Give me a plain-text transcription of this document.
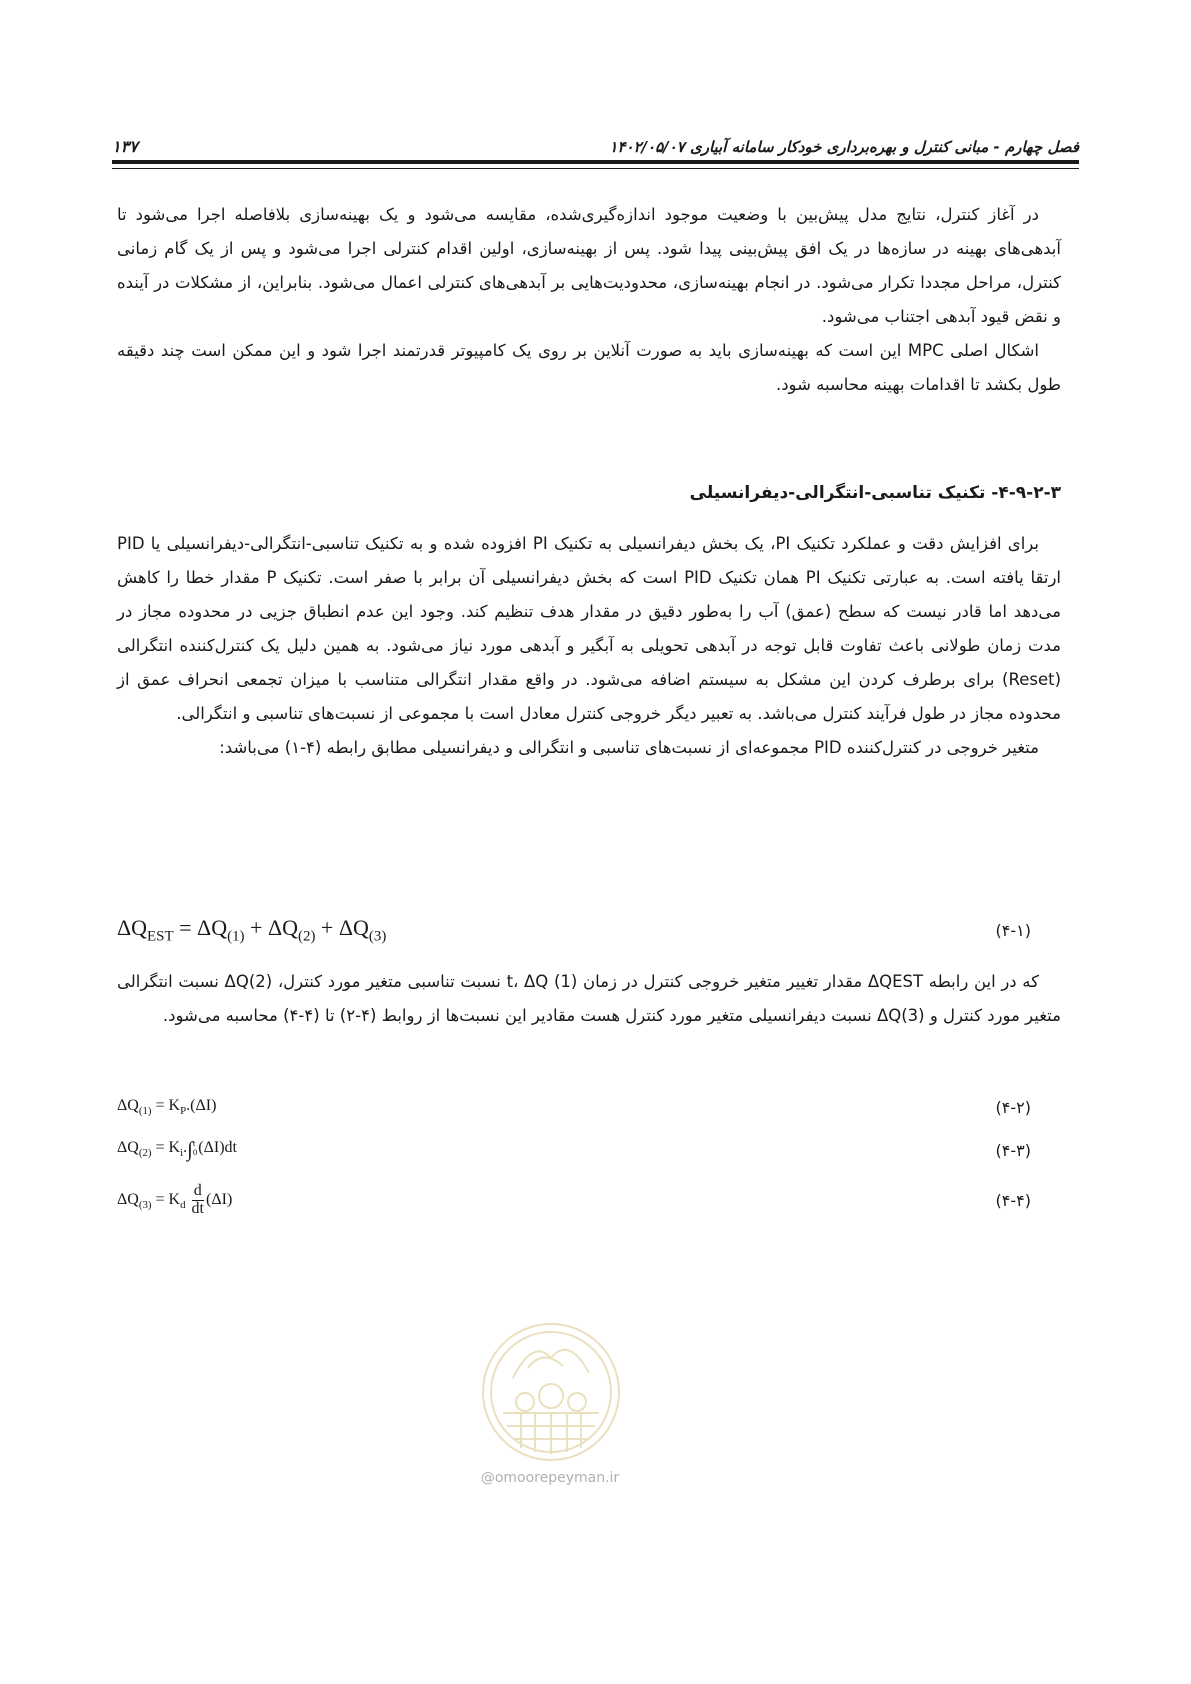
فصل چهارم - مبانی کنترل و بهره‌برداری خودکار سامانه آبیاری ۱۴۰۲/۰۵/۰۷
۱۳۷

در آغاز کنترل، نتایج مدل پیش‌بین با وضعیت موجود اندازه‌گیری‌شده، مقایسه می‌شود و یک بهینه‌سازی بلافاصله اجرا می‌شود تا آبدهی‌های بهینه در سازه‌ها در یک افق پیش‌بینی پیدا شود. پس از بهینه‌سازی، اولین اقدام کنترلی اجرا می‌شود و پس از یک گام زمانی کنترل، مراحل مجددا تکرار می‌شود. در انجام بهینه‌سازی، محدودیت‌هایی بر آبدهی‌های کنترلی اعمال می‌شود. بنابراین، از مشکلات در آینده و نقض قیود آبدهی اجتناب می‌شود.

اشکال اصلی MPC این است که بهینه‌سازی باید به صورت آنلاین بر روی یک کامپیوتر قدرتمند اجرا شود و این ممکن است چند دقیقه طول بکشد تا اقدامات بهینه محاسبه شود.

۴-۹-۲-۳- تکنیک تناسبی-انتگرالی-دیفرانسیلی

برای افزایش دقت و عملکرد تکنیک PI، یک بخش دیفرانسیلی به تکنیک PI افزوده شده و به تکنیک تناسبی-انتگرالی-دیفرانسیلی یا PID ارتقا یافته است. به عبارتی تکنیک PI همان تکنیک PID است که بخش دیفرانسیلی آن برابر با صفر است. تکنیک P مقدار خطا را کاهش می‌دهد اما قادر نیست که سطح (عمق) آب را به‌طور دقیق در مقدار هدف تنظیم کند. وجود این عدم انطباق جزیی در محدوده مجاز در مدت زمان طولانی باعث تفاوت قابل توجه در آبدهی تحویلی به آبگیر و آبدهی مورد نیاز می‌شود. به همین دلیل یک کنترل‌کننده انتگرالی (Reset) برای برطرف کردن این مشکل به سیستم اضافه می‌شود. در واقع مقدار انتگرالی متناسب با میزان تجمعی انحراف عمق از محدوده مجاز در طول فرآیند کنترل می‌باشد. به تعبیر دیگر خروجی کنترل معادل است با مجموعی از نسبت‌های تناسبی و انتگرالی.

متغیر خروجی در کنترل‌کننده PID مجموعه‌ای از نسبت‌های تناسبی و انتگرالی و دیفرانسیلی مطابق رابطه (۴-۱) می‌باشد:

$\Delta Q_{EST} = \Delta Q_{(1)} + \Delta Q_{(2)} + \Delta Q_{(3)}$	(۴-۱)

که در این رابطه ΔQEST مقدار تغییر متغیر خروجی کنترل در زمان t، ΔQ (1) نسبت تناسبی متغیر مورد کنترل، ΔQ(2) نسبت انتگرالی متغیر مورد کنترل و ΔQ(3) نسبت دیفرانسیلی متغیر مورد کنترل هست مقادیر این نسبت‌ها از روابط (۴-۲) تا (۴-۴) محاسبه می‌شود.

$\Delta Q_{(1)} = K_P.(\Delta I)$	(۴-۲)
$\Delta Q_{(2)} = K_i.\int$ t
0 (ΔI)dt	(۴-۳)
$\Delta Q_{(3)} = K_d \frac{d}{dt} (\Delta I)$	(۴-۴)
@omoorepeyman.ir
